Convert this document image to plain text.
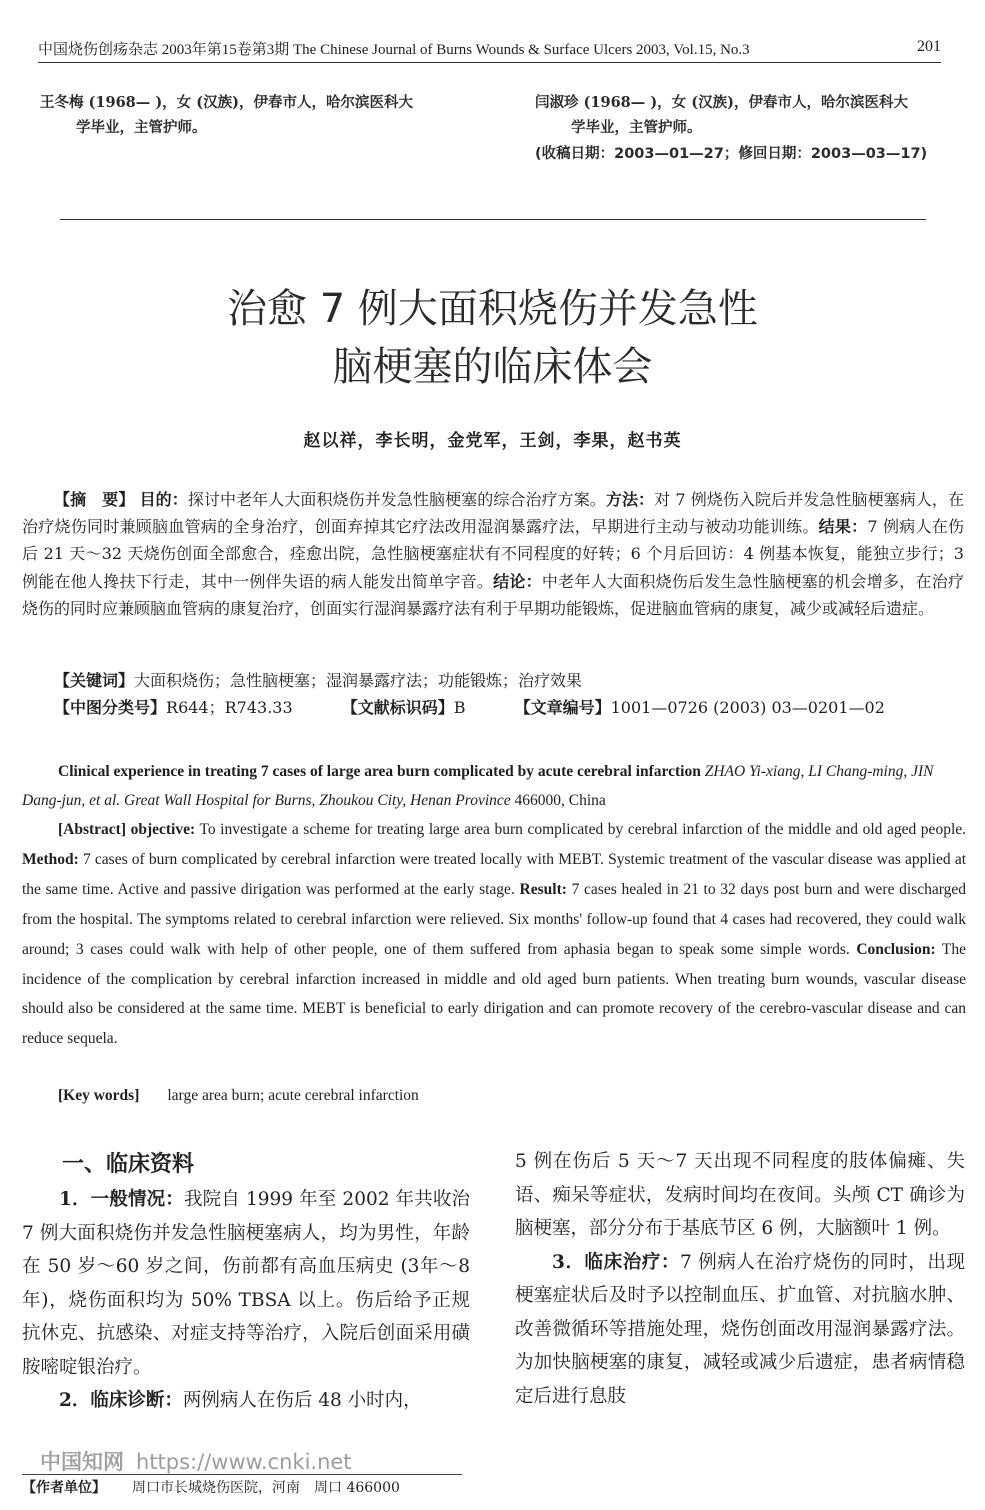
中国烧伤创疡杂志 2003年第15卷第3期 The Chinese Journal of Burns Wounds & Surface Ulcers 2003, Vol.15, No.3	201
王冬梅 (1968— )，女 (汉族)，伊春市人，哈尔滨医科大
学毕业，主管护师。
闫淑珍 (1968— )，女 (汉族)，伊春市人，哈尔滨医科大
学毕业，主管护师。
(收稿日期：2003—01—27；修回日期：2003—03—17)
治愈 7 例大面积烧伤并发急性
脑梗塞的临床体会
赵以祥，李长明，金党军，王剑，李果，赵书英
【摘　要】 目的：探讨中老年人大面积烧伤并发急性脑梗塞的综合治疗方案。方法：对 7 例烧伤入院后并发急性脑梗塞病人，在治疗烧伤同时兼顾脑血管病的全身治疗，创面弃掉其它疗法改用湿润暴露疗法，早期进行主动与被动功能训练。结果：7 例病人在伤后 21 天～32 天烧伤创面全部愈合，痊愈出院，急性脑梗塞症状有不同程度的好转；6 个月后回访：4 例基本恢复，能独立步行；3 例能在他人搀扶下行走，其中一例伴失语的病人能发出简单字音。结论：中老年人大面积烧伤后发生急性脑梗塞的机会增多，在治疗烧伤的同时应兼顾脑血管病的康复治疗，创面实行湿润暴露疗法有利于早期功能锻炼，促进脑血管病的康复，减少或减轻后遗症。
【关键词】大面积烧伤；急性脑梗塞；湿润暴露疗法；功能锻炼；治疗效果
【中图分类号】R644；R743.33	【文献标识码】B	【文章编号】1001—0726 (2003) 03—0201—02
Clinical experience in treating 7 cases of large area burn complicated by acute cerebral infarction ZHAO Yi-xiang, LI Chang-ming, JIN Dang-jun, et al. Great Wall Hospital for Burns, Zhoukou City, Henan Province 466000, China
[Abstract] objective: To investigate a scheme for treating large area burn complicated by cerebral infarction of the middle and old aged people. Method: 7 cases of burn complicated by cerebral infarction were treated locally with MEBT. Systemic treatment of the vascular disease was applied at the same time. Active and passive dirigation was performed at the early stage. Result: 7 cases healed in 21 to 32 days post burn and were discharged from the hospital. The symptoms related to cerebral infarction were relieved. Six months' follow-up found that 4 cases had recovered, they could walk around; 3 cases could walk with help of other people, one of them suffered from aphasia began to speak some simple words. Conclusion: The incidence of the complication by cerebral infarction increased in middle and old aged burn patients. When treating burn wounds, vascular disease should also be considered at the same time. MEBT is beneficial to early dirigation and can promote recovery of the cerebro-vascular disease and can reduce sequela.
[Key words] large area burn; acute cerebral infarction
一、临床资料

1．一般情况：我院自 1999 年至 2002 年共收治 7 例大面积烧伤并发急性脑梗塞病人，均为男性，年龄在 50 岁～60 岁之间，伤前都有高血压病史 (3年～8年)，烧伤面积均为 50% TBSA 以上。伤后给予正规抗休克、抗感染、对症支持等治疗，入院后创面采用磺胺嘧啶银治疗。

2．临床诊断：两例病人在伤后 48 小时内，

5 例在伤后 5 天～7 天出现不同程度的肢体偏瘫、失语、痴呆等症状，发病时间均在夜间。头颅 CT 确诊为脑梗塞，部分分布于基底节区 6 例，大脑额叶 1 例。

3．临床治疗：7 例病人在治疗烧伤的同时，出现梗塞症状后及时予以控制血压、扩血管、对抗脑水肿、改善微循环等措施处理，烧伤创面改用湿润暴露疗法。为加快脑梗塞的康复，减轻或减少后遗症，患者病情稳定后进行息肢

中国知网 https://www.cnki.net
【作者单位】 周口市长城烧伤医院，河南　周口 466000
